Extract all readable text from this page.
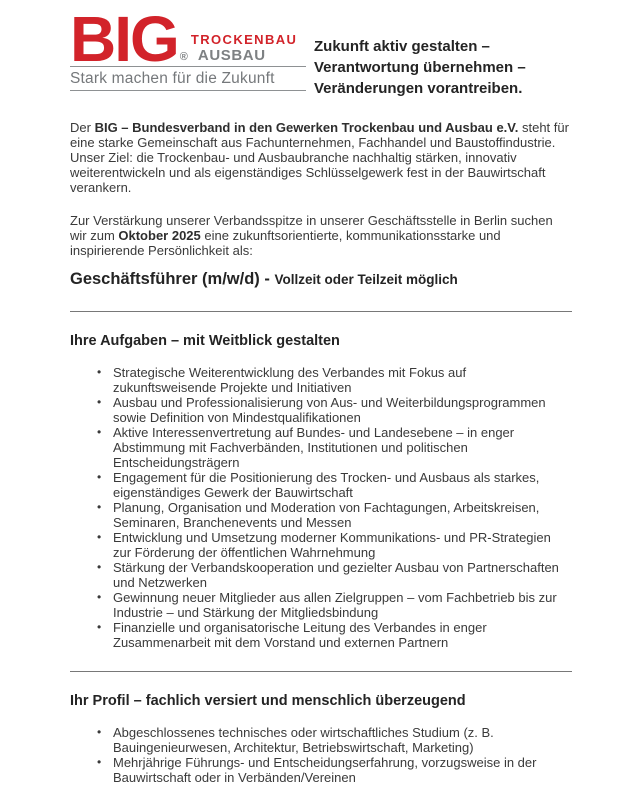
BIG ®
TROCKENBAU
AUSBAU
Stark machen für die Zukunft
Zukunft aktiv gestalten –
Verantwortung übernehmen –
Veränderungen vorantreiben.

Der BIG – Bundesverband in den Gewerken Trockenbau und Ausbau e.V. steht für eine starke Gemeinschaft aus Fachunternehmen, Fachhandel und Baustoffindustrie. Unser Ziel: die Trockenbau- und Ausbaubranche nachhaltig stärken, innovativ weiterentwickeln und als eigenständiges Schlüsselgewerk fest in der Bauwirtschaft verankern.

Zur Verstärkung unserer Verbandsspitze in unserer Geschäftsstelle in Berlin suchen wir zum Oktober 2025 eine zukunftsorientierte, kommunikationsstarke und inspirierende Persönlichkeit als:

Geschäftsführer (m/w/d) - Vollzeit oder Teilzeit möglich
Ihre Aufgaben – mit Weitblick gestalten
• Strategische Weiterentwicklung des Verbandes mit Fokus auf zukunftsweisende Projekte und Initiativen
• Ausbau und Professionalisierung von Aus- und Weiterbildungsprogrammen sowie Definition von Mindestqualifikationen
• Aktive Interessenvertretung auf Bundes- und Landesebene – in enger Abstimmung mit Fachverbänden, Institutionen und politischen Entscheidungsträgern
• Engagement für die Positionierung des Trocken- und Ausbaus als starkes, eigenständiges Gewerk der Bauwirtschaft
• Planung, Organisation und Moderation von Fachtagungen, Arbeitskreisen, Seminaren, Branchenevents und Messen
• Entwicklung und Umsetzung moderner Kommunikations- und PR-Strategien zur Förderung der öffentlichen Wahrnehmung
• Stärkung der Verbandskooperation und gezielter Ausbau von Partnerschaften und Netzwerken
• Gewinnung neuer Mitglieder aus allen Zielgruppen – vom Fachbetrieb bis zur Industrie – und Stärkung der Mitgliedsbindung
• Finanzielle und organisatorische Leitung des Verbandes in enger Zusammenarbeit mit dem Vorstand und externen Partnern
Ihr Profil – fachlich versiert und menschlich überzeugend
• Abgeschlossenes technisches oder wirtschaftliches Studium (z. B. Bauingenieurwesen, Architektur, Betriebswirtschaft, Marketing)
• Mehrjährige Führungs- und Entscheidungserfahrung, vorzugsweise in der Bauwirtschaft oder in Verbänden/Vereinen
